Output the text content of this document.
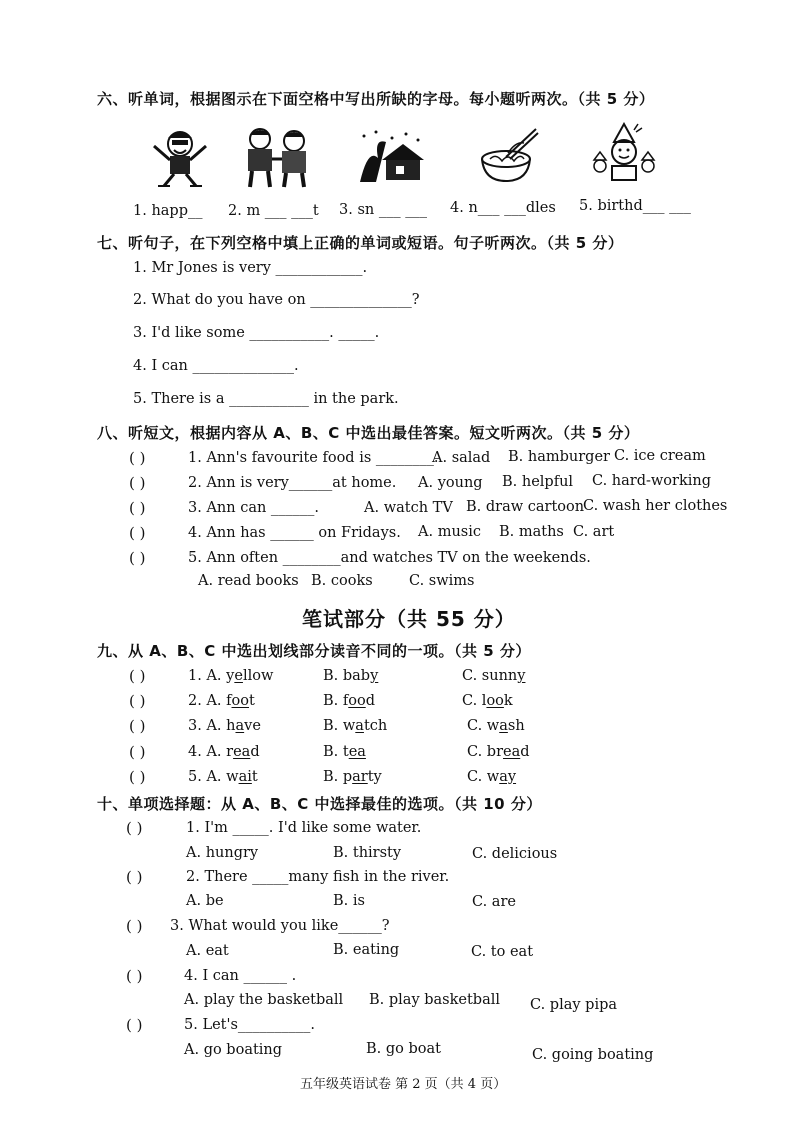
六、听单词，根据图示在下面空格中写出所缺的字母。每小题听两次。（共 5 分）
1. happ__ 2. m ___ ___t 3. sn ___ ___ 4. n___ ___dles 5. birthd___ ___
七、听句子，在下列空格中填上正确的单词或短语。句子听两次。（共 5 分）
1. Mr Jones is very ____________.
2. What do you have on ______________?
3. I'd like some ___________. _____.
4. I can ______________.
5. There is a ___________ in the park.
八、听短文，根据内容从 A、B、C 中选出最佳答案。短文听两次。（共 5 分）
( )	1. Ann's favourite food is ________.
A. salad B. hamburger C. ice cream
( )	2. Ann is very______at home. A. young B. helpful C. hard-working
( )	3. Ann can ______.	A. watch TV B. draw cartoon
C. wash her clothes
( )	4. Ann has ______ on Fridays. A. music B. maths C. art
( )	5. Ann often ________and watches TV on the weekends.
A. read books B. cooks	C. swims
笔试部分（共 55 分）
九、从 A、B、C 中选出划线部分读音不同的一项。（共 5 分）
( )	1. A. yellow	B. baby	C. sunny
( )	2. A. foot	B. food	C. look
( )	3. A. have	B. watch	C. wash
( )	4. A. read	B. tea	C. bread
( )	5. A. wait	B. party	C. way
十、单项选择题：从 A、B、C 中选择最佳的选项。（共 10 分）
( )	1. I'm _____. I'd like some water.
A. hungry	B. thirsty	C. delicious
( )	2. There _____many fish in the river.
A. be	B. is	C. are
( ) 3. What would you like______?
A. eat	B. eating	C. to eat
( )	4. I can ______ .
A. play the basketball B. play basketball C. play pipa
( )	5. Let's__________.
A. go boating	B. go boat	C. going boating
五年级英语试卷 第 2 页（共 4 页）
